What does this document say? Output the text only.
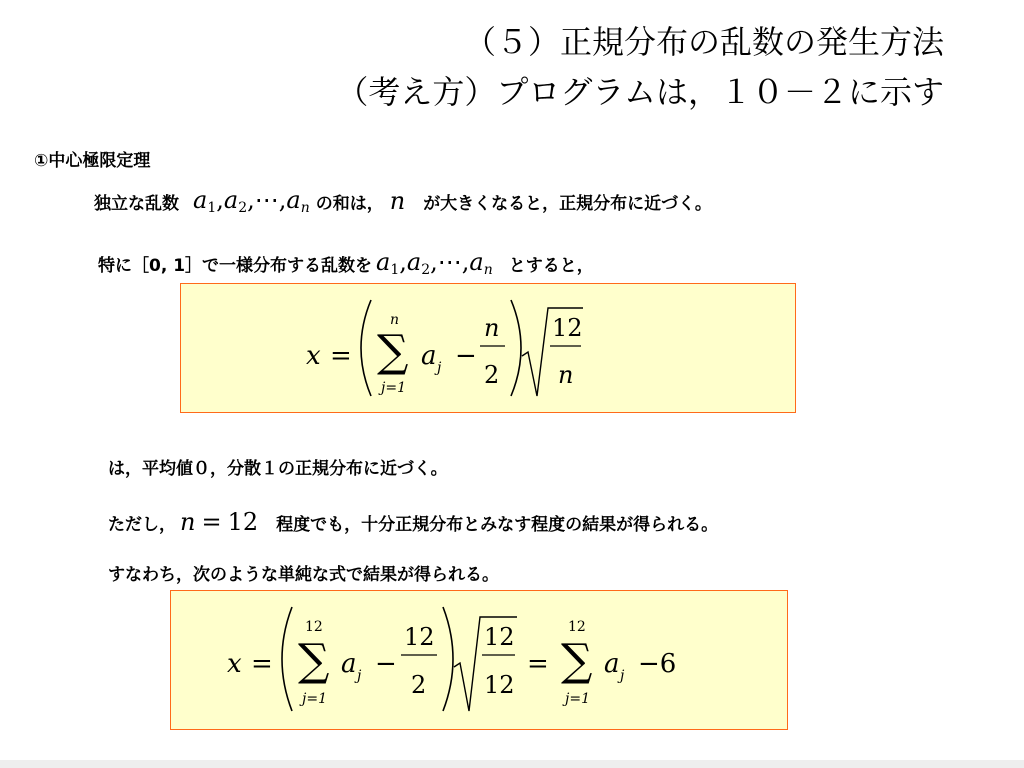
（５）正規分布の乱数の発生方法
（考え方）プログラムは，１０－２に示す
①中心極限定理
独立な乱数 $a_1,a_2,\cdots,a_n$ の和は， n が大きくなると，正規分布に近づく。
特に［0, 1］で一様分布する乱数を $a_1,a_2,\cdots,a_n$ とすると，
x =
n
∑
j=1
a j −
n
2
12
n
は，平均値０，分散１の正規分布に近づく。
ただし， n = 12 程度でも，十分正規分布とみなす程度の結果が得られる。
すなわち，次のような単純な式で結果が得られる。
x =
12
∑
j=1
a j −
12
2
12
12
=
12
∑
j=1
a j −6
